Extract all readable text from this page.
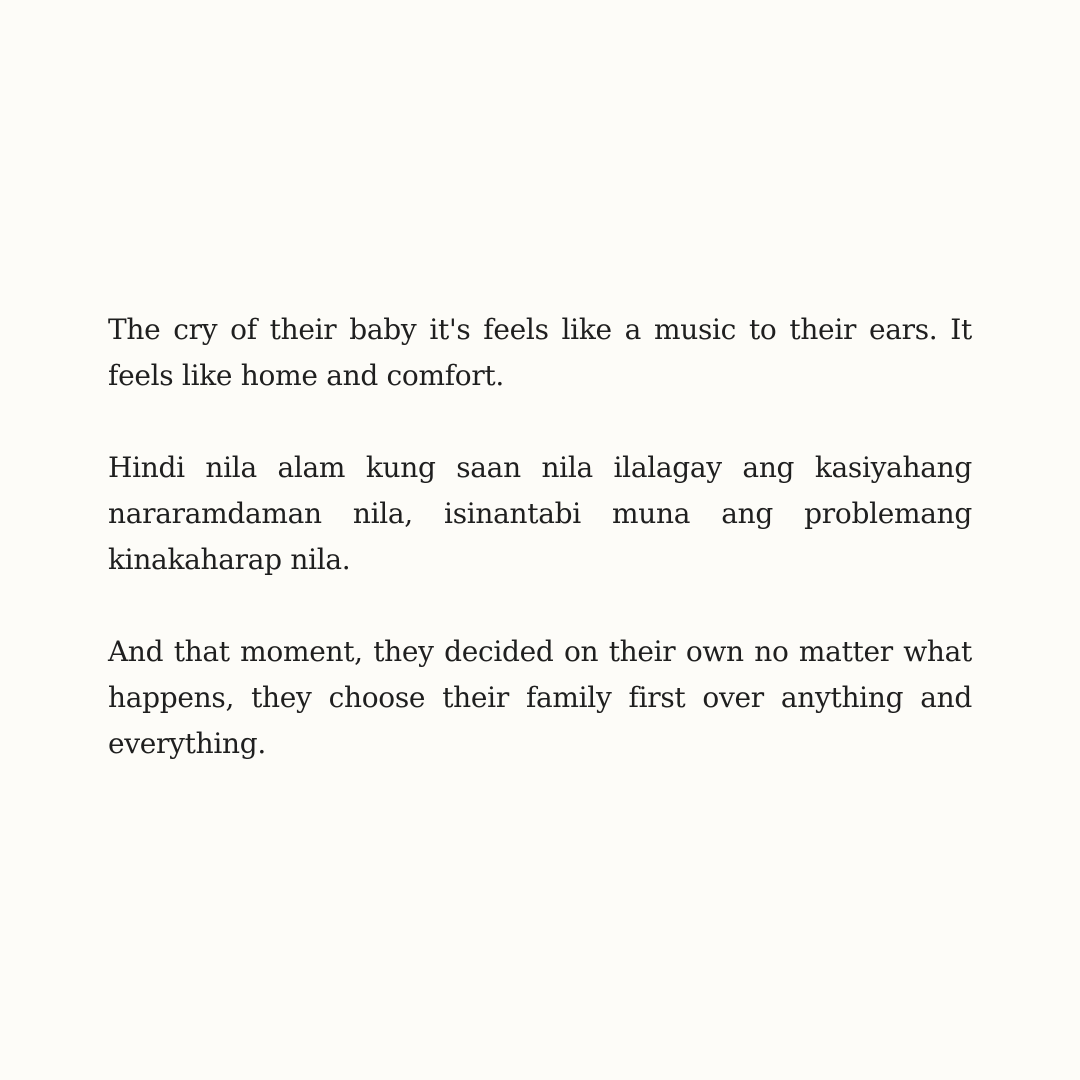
The cry of their baby it's feels like a music to their ears. It feels like home and comfort.

Hindi nila alam kung saan nila ilalagay ang kasiyahang nararamdaman nila, isinantabi muna ang problemang kinakaharap nila.

And that moment, they decided on their own no matter what happens, they choose their family first over anything and everything.
